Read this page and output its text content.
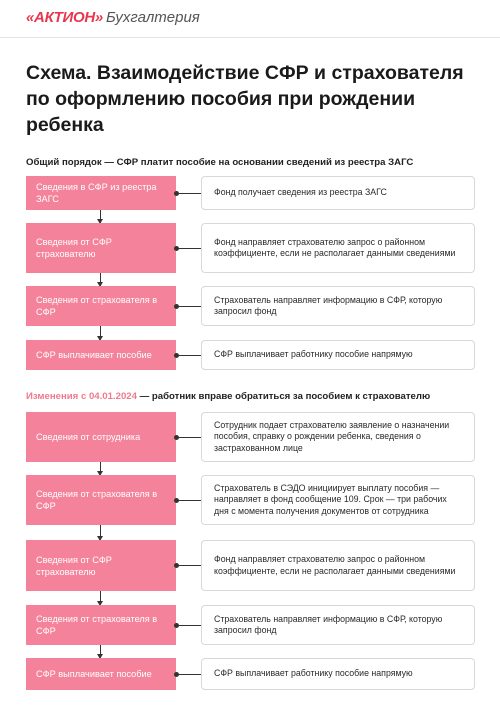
«АКТИОН» Бухгалтерия
Схема. Взаимодействие СФР и страхователя по оформлению пособия при рождении ребенка
Общий порядок — СФР платит пособие на основании сведений из реестра ЗАГС
Сведения в СФР из реестра ЗАГС
Фонд получает сведения из реестра ЗАГС
Сведения от СФР страхователю
Фонд направляет страхователю запрос о районном коэффициенте, если не располагает данными сведениями
Сведения от страхователя в СФР
Страхователь направляет информацию в СФР, которую запросил фонд
СФР выплачивает пособие	СФР выплачивает работнику пособие напрямую
Изменения с 04.01.2024 — работник вправе обратиться за пособием к страхователю
Сведения от сотрудника
Сотрудник подает страхователю заявление о назначении пособия, справку о рождении ребенка, сведения о застрахованном лице
Сведения от страхователя в СФР
Страхователь в СЭДО инициирует выплату пособия — направляет в фонд сообщение 109. Срок — три рабочих дня с момента получения документов от сотрудника
Сведения от СФР страхователю
Фонд направляет страхователю запрос о районном коэффициенте, если не располагает данными сведениями
Сведения от страхователя в СФР
Страхователь направляет информацию в СФР, которую запросил фонд
СФР выплачивает пособие	СФР выплачивает работнику пособие напрямую
